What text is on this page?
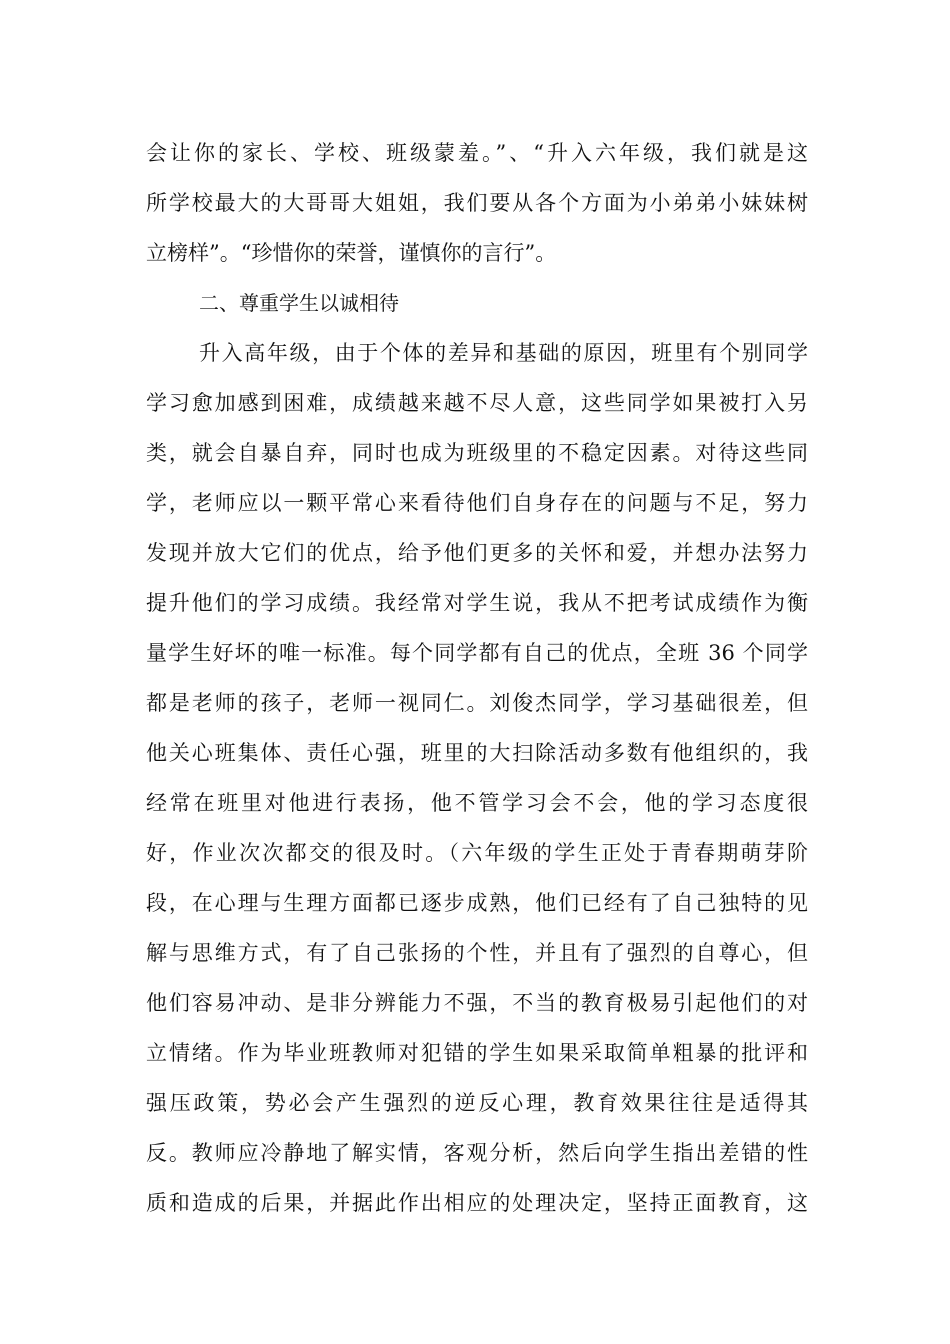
会让你的家长、学校、班级蒙羞。”、“升入六年级，我们就是这
所学校最大的大哥哥大姐姐，我们要从各个方面为小弟弟小妹妹树
立榜样”。“珍惜你的荣誉，谨慎你的言行”。
二、尊重学生以诚相待
升入高年级，由于个体的差异和基础的原因，班里有个别同学
学习愈加感到困难，成绩越来越不尽人意，这些同学如果被打入另
类，就会自暴自弃，同时也成为班级里的不稳定因素。对待这些同
学，老师应以一颗平常心来看待他们自身存在的问题与不足，努力
发现并放大它们的优点，给予他们更多的关怀和爱，并想办法努力
提升他们的学习成绩。我经常对学生说，我从不把考试成绩作为衡
量学生好坏的唯一标准。每个同学都有自己的优点，全班 36 个同学
都是老师的孩子，老师一视同仁。刘俊杰同学，学习基础很差，但
他关心班集体、责任心强，班里的大扫除活动多数有他组织的，我
经常在班里对他进行表扬，他不管学习会不会，他的学习态度很
好，作业次次都交的很及时。（六年级的学生正处于青春期萌芽阶
段，在心理与生理方面都已逐步成熟，他们已经有了自己独特的见
解与思维方式，有了自己张扬的个性，并且有了强烈的自尊心，但
他们容易冲动、是非分辨能力不强，不当的教育极易引起他们的对
立情绪。作为毕业班教师对犯错的学生如果采取简单粗暴的批评和
强压政策，势必会产生强烈的逆反心理，教育效果往往是适得其
反。教师应冷静地了解实情，客观分析，然后向学生指出差错的性
质和造成的后果，并据此作出相应的处理决定，坚持正面教育，这
